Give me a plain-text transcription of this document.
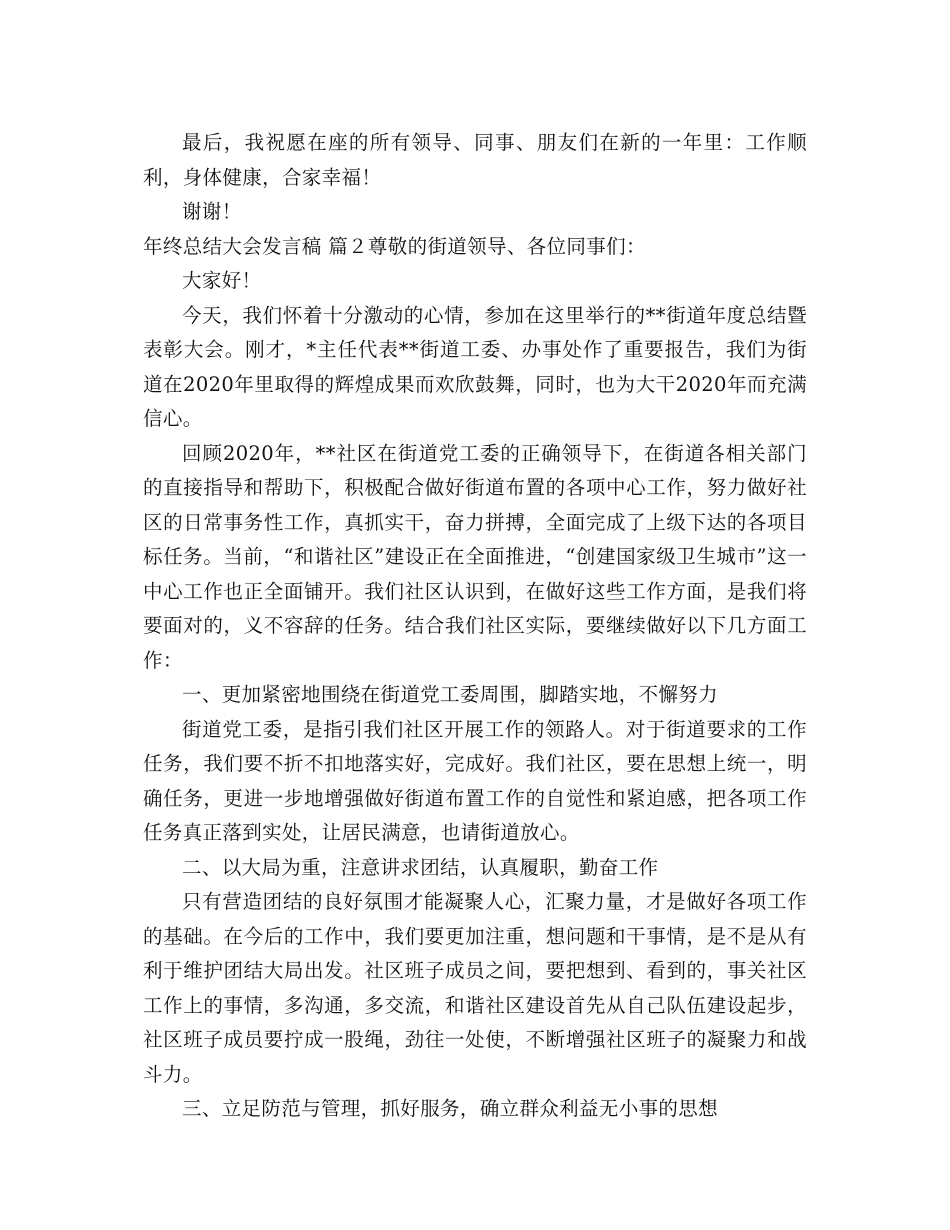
最后，我祝愿在座的所有领导、同事、朋友们在新的一年里：工作顺利，身体健康，合家幸福！

谢谢！

年终总结大会发言稿 篇２尊敬的街道领导、各位同事们：

大家好！

今天，我们怀着十分激动的心情，参加在这里举行的**街道年度总结暨表彰大会。刚才，*主任代表**街道工委、办事处作了重要报告，我们为街道在2020年里取得的辉煌成果而欢欣鼓舞，同时，也为大干2020年而充满信心。

回顾2020年，**社区在街道党工委的正确领导下，在街道各相关部门的直接指导和帮助下，积极配合做好街道布置的各项中心工作，努力做好社区的日常事务性工作，真抓实干，奋力拼搏，全面完成了上级下达的各项目标任务。当前，“和谐社区”建设正在全面推进，“创建国家级卫生城市”这一中心工作也正全面铺开。我们社区认识到，在做好这些工作方面，是我们将要面对的，义不容辞的任务。结合我们社区实际，要继续做好以下几方面工作：

一、更加紧密地围绕在街道党工委周围，脚踏实地，不懈努力

街道党工委，是指引我们社区开展工作的领路人。对于街道要求的工作任务，我们要不折不扣地落实好，完成好。我们社区，要在思想上统一，明确任务，更进一步地增强做好街道布置工作的自觉性和紧迫感，把各项工作任务真正落到实处，让居民满意，也请街道放心。

二、以大局为重，注意讲求团结，认真履职，勤奋工作

只有营造团结的良好氛围才能凝聚人心，汇聚力量，才是做好各项工作的基础。在今后的工作中，我们要更加注重，想问题和干事情，是不是从有利于维护团结大局出发。社区班子成员之间，要把想到、看到的，事关社区工作上的事情，多沟通，多交流，和谐社区建设首先从自己队伍建设起步，社区班子成员要拧成一股绳，劲往一处使，不断增强社区班子的凝聚力和战斗力。

三、立足防范与管理，抓好服务，确立群众利益无小事的思想
